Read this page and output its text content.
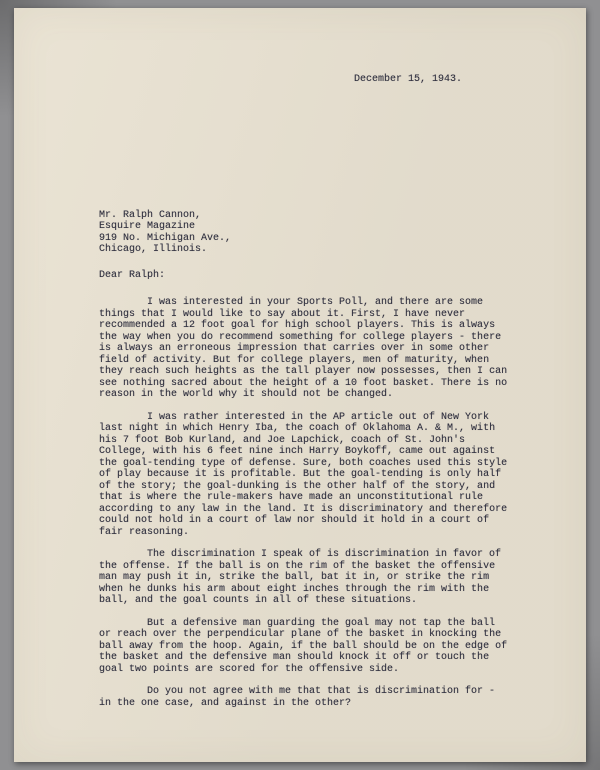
December 15, 1943.
Mr. Ralph Cannon,
Esquire Magazine
919 No. Michigan Ave.,
Chicago, Illinois.
Dear Ralph:

I was interested in your Sports Poll, and there are some things that I would like to say about it. First, I have never recommended a 12 foot goal for high school players. This is always the way when you do recommend something for college players - there is always an erroneous impression that carries over in some other field of activity. But for college players, men of maturity, when they reach such heights as the tall player now possesses, then I can see nothing sacred about the height of a 10 foot basket. There is no reason in the world why it should not be changed.

I was rather interested in the AP article out of New York last night in which Henry Iba, the coach of Oklahoma A. & M., with his 7 foot Bob Kurland, and Joe Lapchick, coach of St. John's College, with his 6 feet nine inch Harry Boykoff, came out against the goal-tending type of defense. Sure, both coaches used this style of play because it is profitable. But the goal-tending is only half of the story; the goal-dunking is the other half of the story, and that is where the rule-makers have made an unconstitutional rule according to any law in the land. It is discriminatory and therefore could not hold in a court of law nor should it hold in a court of fair reasoning.

The discrimination I speak of is discrimination in favor of the offense. If the ball is on the rim of the basket the offensive man may push it in, strike the ball, bat it in, or strike the rim when he dunks his arm about eight inches through the rim with the ball, and the goal counts in all of these situations.

But a defensive man guarding the goal may not tap the ball or reach over the perpendicular plane of the basket in knocking the ball away from the hoop. Again, if the ball should be on the edge of the basket and the defensive man should knock it off or touch the goal two points are scored for the offensive side.

Do you not agree with me that that is discrimination for - in the one case, and against in the other?
